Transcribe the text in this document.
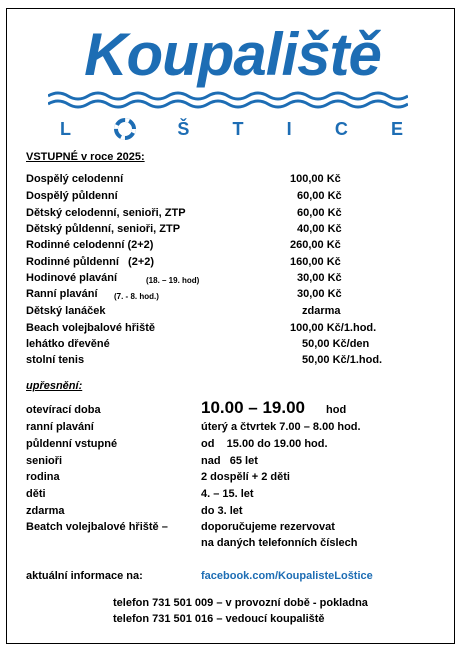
Koupaliště
L	Š T I C E
VSTUPNÉ v roce 2025:
Dospělý celodenní	100,00 Kč
Dospělý půldenní	60,00 Kč
Dětský celodenní, senioři, ZTP	60,00 Kč
Dětský půldenní, senioři, ZTP	40,00 Kč
Rodinné celodenní (2+2)	260,00 Kč
Rodinné půldenní   (2+2)	160,00 Kč
Hodinové plavání	(18. – 19. hod)	30,00 Kč
Ranní plavání (7. - 8. hod.)	30,00 Kč
Dětský lanáček	zdarma
Beach volejbalové hřiště	100,00 Kč/1.hod.
lehátko dřevěné	50,00 Kč/den
stolní tenis	50,00 Kč/1.hod.
upřesnění:
otevírací doba	10.00 – 19.00 hod
ranní plavání	úterý a čtvrtek 7.00 – 8.00 hod.
půldenní vstupné	od    15.00 do 19.00 hod.
senioři	nad   65 let
rodina	2 dospělí + 2 děti
děti	4. – 15. let
zdarma	do 3. let
Beatch volejbalové hřiště –	doporučujeme rezervovat
na daných telefonních číslech
aktuální informace na:	facebook.com/KoupalisteLoštice
telefon 731 501 009 – v provozní době - pokladna
telefon 731 501 016 – vedoucí koupaliště
